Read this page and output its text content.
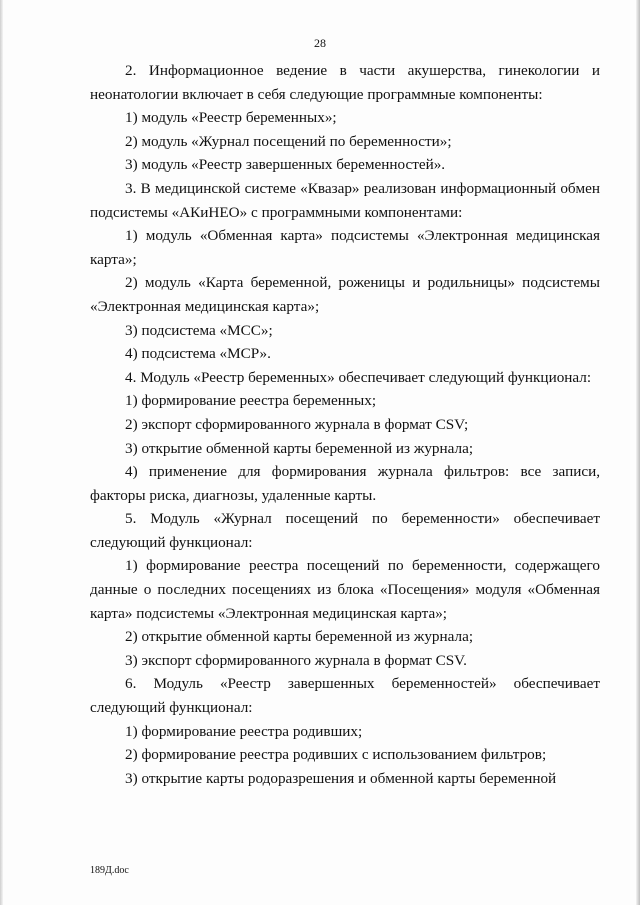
28

2. Информационное ведение в части акушерства, гинекологии и неонатологии включает в себя следующие программные компоненты:

1) модуль «Реестр беременных»;

2) модуль «Журнал посещений по беременности»;

3) модуль «Реестр завершенных беременностей».

3. В медицинской системе «Квазар» реализован информационный обмен подсистемы «АКиНЕО» с программными компонентами:

1) модуль «Обменная карта» подсистемы «Электронная медицинская карта»;

2) модуль «Карта беременной, роженицы и родильницы» подсистемы «Электронная медицинская карта»;

3) подсистема «МСС»;

4) подсистема «МСР».

4. Модуль «Реестр беременных» обеспечивает следующий функционал:

1) формирование реестра беременных;

2) экспорт сформированного журнала в формат CSV;

3) открытие обменной карты беременной из журнала;

4) применение для формирования журнала фильтров: все записи, факторы риска, диагнозы, удаленные карты.

5. Модуль «Журнал посещений по беременности» обеспечивает следующий функционал:

1) формирование реестра посещений по беременности, содержащего данные о последних посещениях из блока «Посещения» модуля «Обменная карта» подсистемы «Электронная медицинская карта»;

2) открытие обменной карты беременной из журнала;

3) экспорт сформированного журнала в формат CSV.

6. Модуль «Реестр завершенных беременностей» обеспечивает следующий функционал:

1) формирование реестра родивших;

2) формирование реестра родивших с использованием фильтров;

3) открытие карты родоразрешения и обменной карты беременной

189Д.doc
